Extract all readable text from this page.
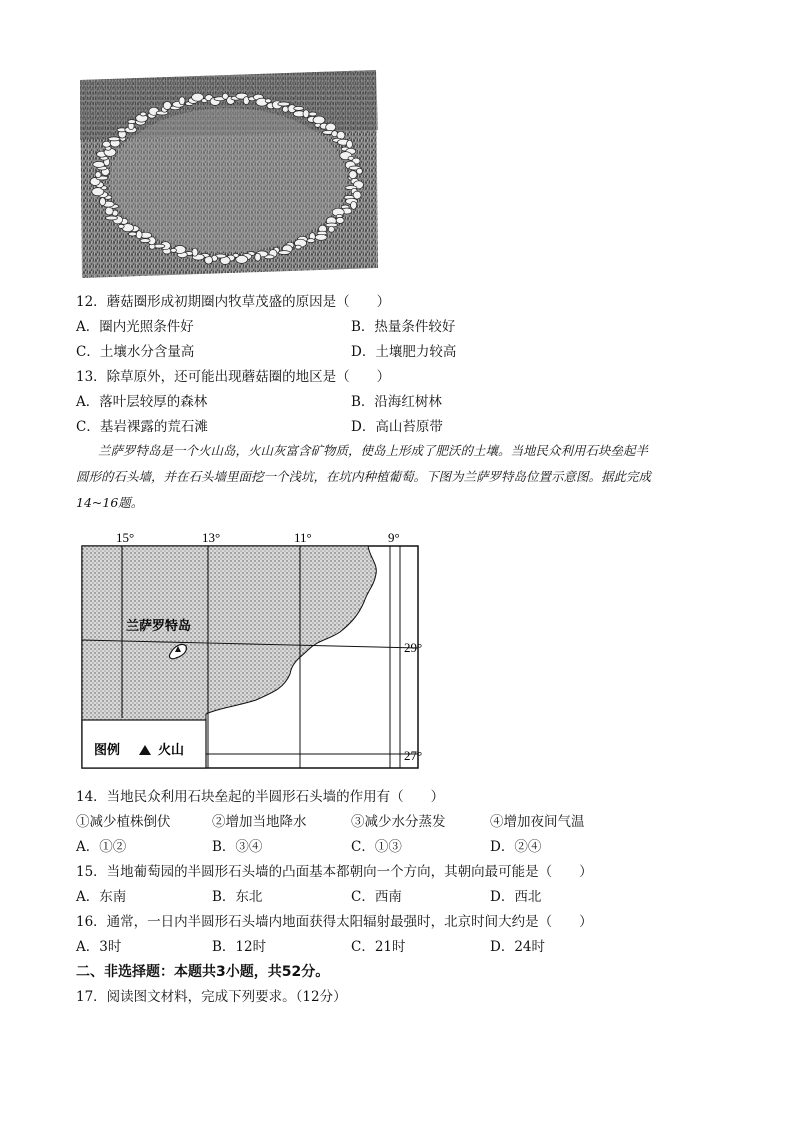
12．蘑菇圈形成初期圈内牧草茂盛的原因是（　　）
A．圈内光照条件好	B．热量条件较好
C．土壤水分含量高	D．土壤肥力较高
13．除草原外，还可能出现蘑菇圈的地区是（　　）
A．落叶层较厚的森林	B．沿海红树林
C．基岩裸露的荒石滩	D．高山苔原带
兰萨罗特岛是一个火山岛，火山灰富含矿物质，使岛上形成了肥沃的土壤。当地民众利用石块垒起半
圆形的石头墙，并在石头墙里面挖一个浅坑，在坑内种植葡萄。下图为兰萨罗特岛位置示意图。据此完成
14~16题。
15°	13°	11°	9°
29°
27°
兰萨罗特岛
图例	火山
14．当地民众利用石块垒起的半圆形石头墙的作用有（　　）
①减少植株倒伏	②增加当地降水	③减少水分蒸发	④增加夜间气温
A．①②	B．③④	C．①③	D．②④
15．当地葡萄园的半圆形石头墙的凸面基本都朝向一个方向，其朝向最可能是（　　）
A．东南	B．东北	C．西南	D．西北
16．通常，一日内半圆形石头墙内地面获得太阳辐射最强时，北京时间大约是（　　）
A．3时	B．12时	C．21时	D．24时
二、非选择题：本题共3小题，共52分。
17．阅读图文材料，完成下列要求。（12分）
